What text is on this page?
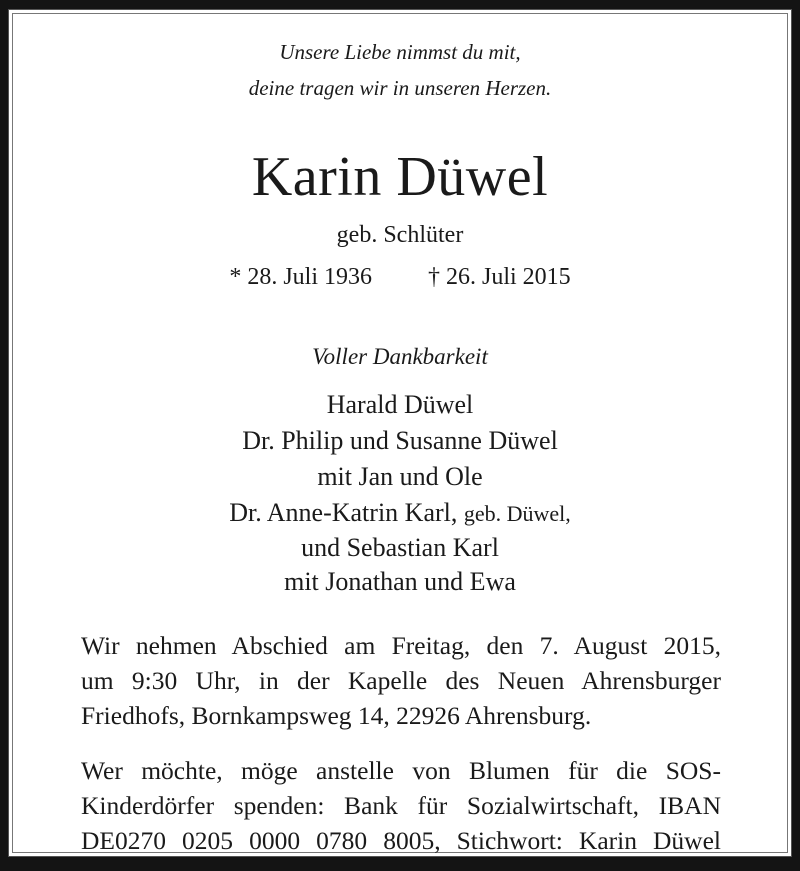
Unsere Liebe nimmst du mit,
deine tragen wir in unseren Herzen.
Karin Düwel
geb. Schlüter
* 28. Juli 1936 † 26. Juli 2015
Voller Dankbarkeit
Harald Düwel
Dr. Philip und Susanne Düwel
mit Jan und Ole
Dr. Anne-Katrin Karl, geb. Düwel,
und Sebastian Karl
mit Jonathan und Ewa
Wir nehmen Abschied am Freitag, den 7. August 2015,
um 9:30 Uhr, in der Kapelle des Neuen Ahrensburger
Friedhofs, Bornkampsweg 14, 22926 Ahrensburg.
Wer möchte, möge anstelle von Blumen für die SOS-
Kinderdörfer spenden: Bank für Sozialwirtschaft, IBAN
DE0270 0205 0000 0780 8005, Stichwort: Karin Düwel
